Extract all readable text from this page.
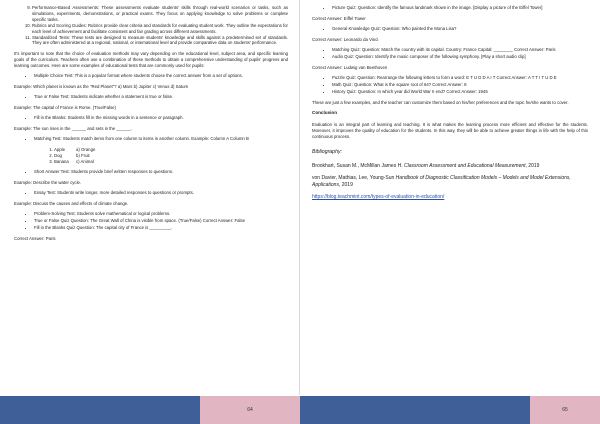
9. Performance-Based Assessments: These assessments evaluate students' skills through real-world scenarios or tasks, such as simulations, experiments, demonstrations, or practical exams. They focus on applying knowledge to solve problems or complete specific tasks.
10. Rubrics and Scoring Guides: Rubrics provide clear criteria and standards for evaluating student work. They outline the expectations for each level of achievement and facilitate consistent and fair grading across different assessments.
11. Standardized Tests: These tests are designed to measure students' knowledge and skills against a predetermined set of standards. They are often administered at a regional, national, or international level and provide comparative data on students' performance.

It's important to note that the choice of evaluation methods may vary depending on the educational level, subject area, and specific learning goals of the curriculum. Teachers often use a combination of these methods to obtain a comprehensive understanding of pupils' progress and learning outcomes. Here are some examples of educational tests that are commonly used for pupils:

• Multiple Choice Test: This is a popular format where students choose the correct answer from a set of options.

Example: Which planet is known as the "Red Planet"? a) Mars b) Jupiter c) Venus d) Saturn

• True or False Test: Students indicate whether a statement is true or false.

Example: The capital of France is Rome. (True/False)

• Fill in the Blanks: Students fill in the missing words in a sentence or paragraph.

Example: The sun rises in the ______ and sets in the ______.

• Matching Test: Students match items from one column to items in another column. Example: Column A Column B
1. Apple	a) Orange
2. Dog	b) Fruit
3. Banana c) Animal
• Short Answer Test: Students provide brief written responses to questions.

Example: Describe the water cycle.

• Essay Test: Students write longer, more detailed responses to questions or prompts.

Example: Discuss the causes and effects of climate change.

• Problem-Solving Test: Students solve mathematical or logical problems.
• True or False Quiz Question: The Great Wall of China is visible from space. (True/False) Correct Answer: False
• Fill in the Blanks Quiz Question: The capital city of France is _________.

Correct Answer: Paris

• Picture Quiz: Question: Identify the famous landmark shown in the image. [Display a picture of the Eiffel Tower]

Correct Answer: Eiffel Tower

• General Knowledge Quiz: Question: Who painted the Mona Lisa?

Correct Answer: Leonardo da Vinci

• Matching Quiz: Question: Match the country with its capital. Country: France Capital: ________ Correct Answer: Paris
• Audio Quiz: Question: Identify the music composer of the following symphony. [Play a short audio clip]

Correct Answer: Ludwig van Beethoven

• Puzzle Quiz: Question: Rearrange the following letters to form a word: E T U D D A I T Correct Answer: A T T I T U D E
• Math Quiz: Question: What is the square root of 64? Correct Answer: 8
• History Quiz: Question: In which year did World War II end? Correct Answer: 1945

These are just a few examples, and the teacher can customize them based on his/her preferences and the topic he/she wants to cover.

Conclusion

Evaluation is an integral part of learning and teaching. It is what makes the learning process more efficient and effective for the students. Moreover, it improves the quality of education for the students. In this way, they will be able to achieve greater things in life with the help of this continuous process.

Bibliography:

Brookhart, Susan M., McMillan James H. Classroom Assessment and Educational Measurement, 2019

von Davier, Mathias, Lee, Young-Sun Handbook of Diagnostic Classification Models – Models and Model Extensions, Applications, 2019

https://blog.teachmint.com/types-of-evaluation-in-education/

64	65
